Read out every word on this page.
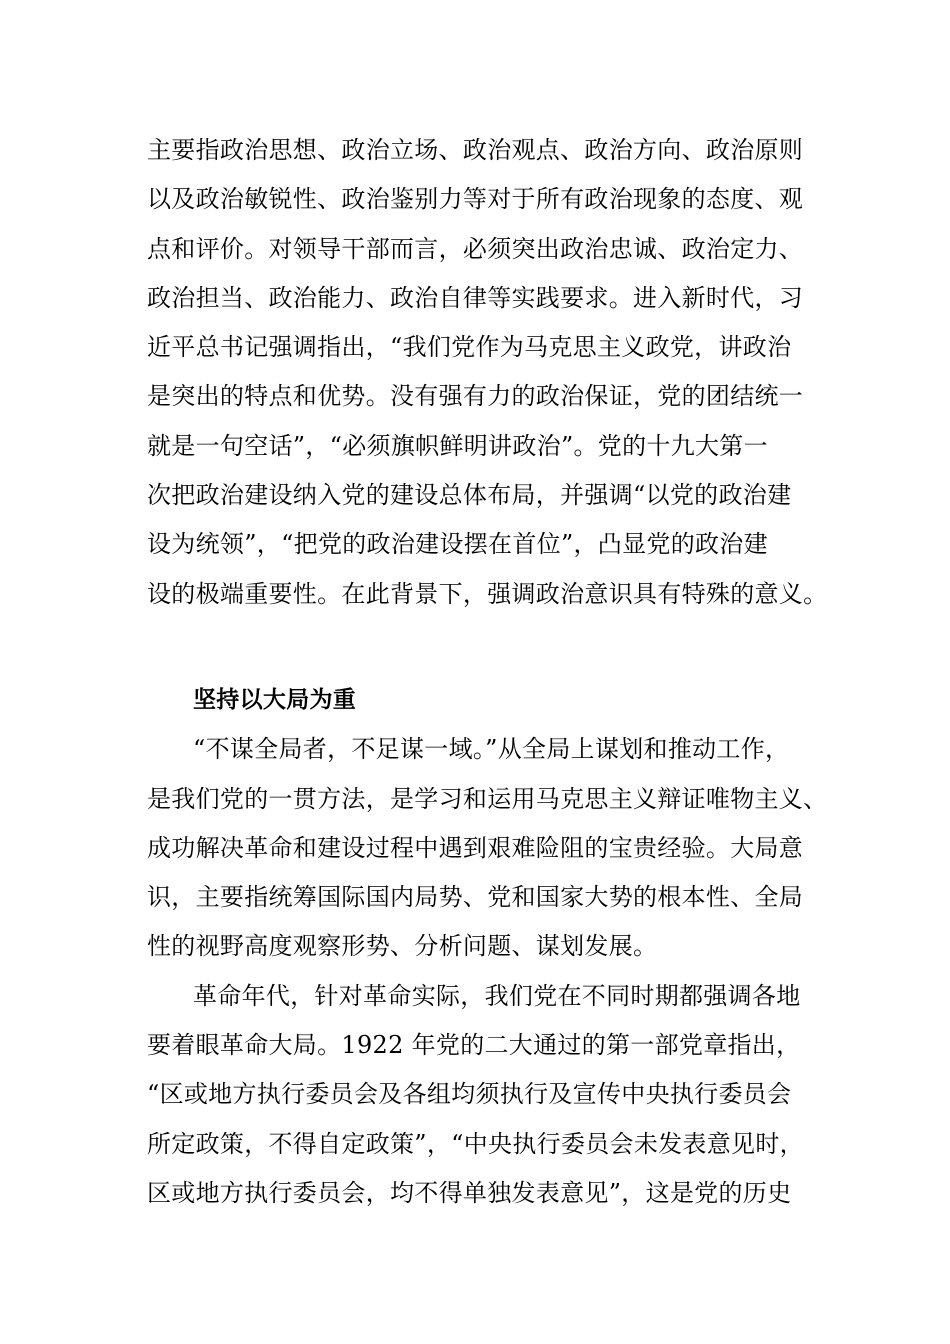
主要指政治思想、政治立场、政治观点、政治方向、政治原则
以及政治敏锐性、政治鉴别力等对于所有政治现象的态度、观
点和评价。对领导干部而言，必须突出政治忠诚、政治定力、
政治担当、政治能力、政治自律等实践要求。进入新时代，习
近平总书记强调指出，“我们党作为马克思主义政党，讲政治
是突出的特点和优势。没有强有力的政治保证，党的团结统一
就是一句空话”，“必须旗帜鲜明讲政治”。党的十九大第一
次把政治建设纳入党的建设总体布局，并强调“以党的政治建
设为统领”，“把党的政治建设摆在首位”，凸显党的政治建
设的极端重要性。在此背景下，强调政治意识具有特殊的意义。
坚持以大局为重
“不谋全局者，不足谋一域。”从全局上谋划和推动工作，
是我们党的一贯方法，是学习和运用马克思主义辩证唯物主义、
成功解决革命和建设过程中遇到艰难险阻的宝贵经验。大局意
识，主要指统筹国际国内局势、党和国家大势的根本性、全局
性的视野高度观察形势、分析问题、谋划发展。
革命年代，针对革命实际，我们党在不同时期都强调各地
要着眼革命大局。1922 年党的二大通过的第一部党章指出，
“区或地方执行委员会及各组均须执行及宣传中央执行委员会
所定政策，不得自定政策”，“中央执行委员会未发表意见时，
区或地方执行委员会，均不得单独发表意见”，这是党的历史
